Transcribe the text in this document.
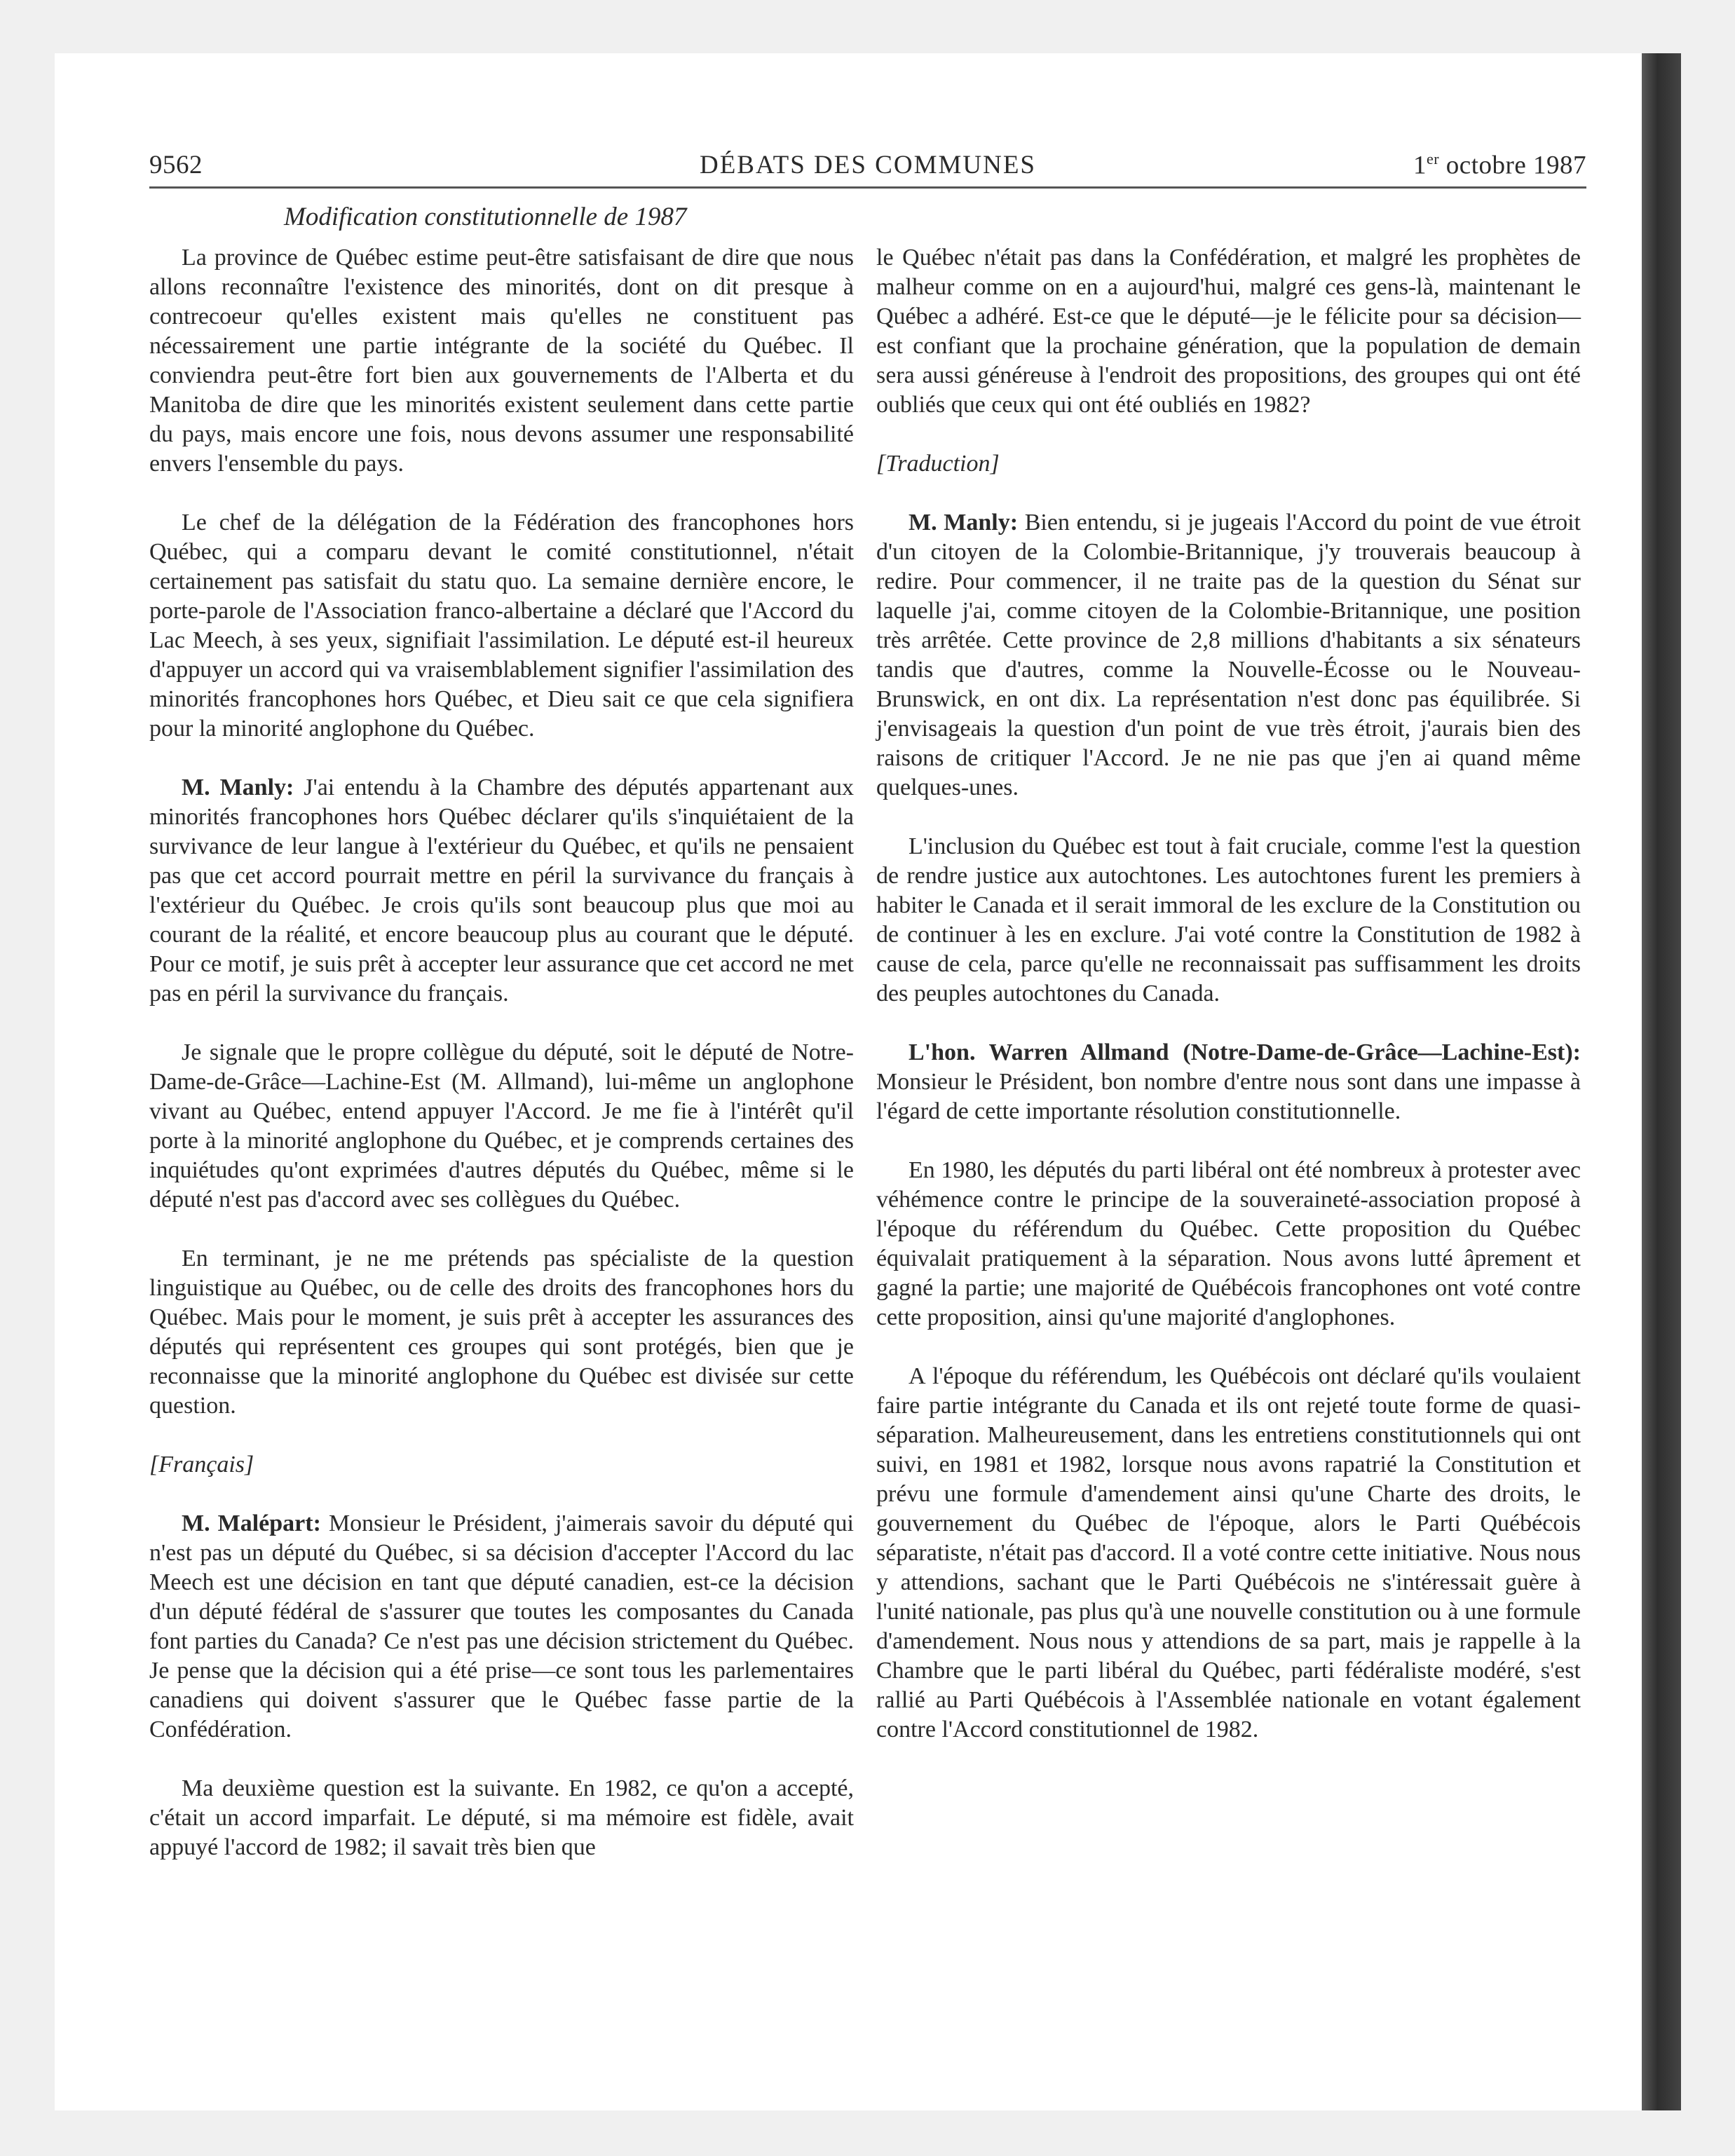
9562	DÉBATS DES COMMUNES	1er octobre 1987
Modification constitutionnelle de 1987

La province de Québec estime peut-être satisfaisant de dire que nous allons reconnaître l'existence des minorités, dont on dit presque à contrecoeur qu'elles existent mais qu'elles ne constituent pas nécessairement une partie intégrante de la société du Québec. Il conviendra peut-être fort bien aux gouvernements de l'Alberta et du Manitoba de dire que les minorités existent seulement dans cette partie du pays, mais encore une fois, nous devons assumer une responsabilité envers l'ensemble du pays.

Le chef de la délégation de la Fédération des francophones hors Québec, qui a comparu devant le comité constitutionnel, n'était certainement pas satisfait du statu quo. La semaine dernière encore, le porte-parole de l'Association franco-albertaine a déclaré que l'Accord du Lac Meech, à ses yeux, signifiait l'assimilation. Le député est-il heureux d'appuyer un accord qui va vraisemblablement signifier l'assimilation des minorités francophones hors Québec, et Dieu sait ce que cela signifiera pour la minorité anglophone du Québec.

M. Manly: J'ai entendu à la Chambre des députés appartenant aux minorités francophones hors Québec déclarer qu'ils s'inquiétaient de la survivance de leur langue à l'extérieur du Québec, et qu'ils ne pensaient pas que cet accord pourrait mettre en péril la survivance du français à l'extérieur du Québec. Je crois qu'ils sont beaucoup plus que moi au courant de la réalité, et encore beaucoup plus au courant que le député. Pour ce motif, je suis prêt à accepter leur assurance que cet accord ne met pas en péril la survivance du français.

Je signale que le propre collègue du député, soit le député de Notre-Dame-de-Grâce—Lachine-Est (M. Allmand), lui-même un anglophone vivant au Québec, entend appuyer l'Accord. Je me fie à l'intérêt qu'il porte à la minorité anglophone du Québec, et je comprends certaines des inquiétudes qu'ont exprimées d'autres députés du Québec, même si le député n'est pas d'accord avec ses collègues du Québec.

En terminant, je ne me prétends pas spécialiste de la question linguistique au Québec, ou de celle des droits des francophones hors du Québec. Mais pour le moment, je suis prêt à accepter les assurances des députés qui représentent ces groupes qui sont protégés, bien que je reconnaisse que la minorité anglophone du Québec est divisée sur cette question.

[Français]

M. Malépart: Monsieur le Président, j'aimerais savoir du député qui n'est pas un député du Québec, si sa décision d'accepter l'Accord du lac Meech est une décision en tant que député canadien, est-ce la décision d'un député fédéral de s'assurer que toutes les composantes du Canada font parties du Canada? Ce n'est pas une décision strictement du Québec. Je pense que la décision qui a été prise—ce sont tous les parlementaires canadiens qui doivent s'assurer que le Québec fasse partie de la Confédération.

Ma deuxième question est la suivante. En 1982, ce qu'on a accepté, c'était un accord imparfait. Le député, si ma mémoire est fidèle, avait appuyé l'accord de 1982; il savait très bien que

le Québec n'était pas dans la Confédération, et malgré les prophètes de malheur comme on en a aujourd'hui, malgré ces gens-là, maintenant le Québec a adhéré. Est-ce que le député—je le félicite pour sa décision—est confiant que la prochaine génération, que la population de demain sera aussi généreuse à l'endroit des propositions, des groupes qui ont été oubliés que ceux qui ont été oubliés en 1982?

[Traduction]

M. Manly: Bien entendu, si je jugeais l'Accord du point de vue étroit d'un citoyen de la Colombie-Britannique, j'y trouverais beaucoup à redire. Pour commencer, il ne traite pas de la question du Sénat sur laquelle j'ai, comme citoyen de la Colombie-Britannique, une position très arrêtée. Cette province de 2,8 millions d'habitants a six sénateurs tandis que d'autres, comme la Nouvelle-Écosse ou le Nouveau-Brunswick, en ont dix. La représentation n'est donc pas équilibrée. Si j'envisageais la question d'un point de vue très étroit, j'aurais bien des raisons de critiquer l'Accord. Je ne nie pas que j'en ai quand même quelques-unes.

L'inclusion du Québec est tout à fait cruciale, comme l'est la question de rendre justice aux autochtones. Les autochtones furent les premiers à habiter le Canada et il serait immoral de les exclure de la Constitution ou de continuer à les en exclure. J'ai voté contre la Constitution de 1982 à cause de cela, parce qu'elle ne reconnaissait pas suffisamment les droits des peuples autochtones du Canada.

L'hon. Warren Allmand (Notre-Dame-de-Grâce—Lachine-Est): Monsieur le Président, bon nombre d'entre nous sont dans une impasse à l'égard de cette importante résolution constitutionnelle.

En 1980, les députés du parti libéral ont été nombreux à protester avec véhémence contre le principe de la souveraineté-association proposé à l'époque du référendum du Québec. Cette proposition du Québec équivalait pratiquement à la séparation. Nous avons lutté âprement et gagné la partie; une majorité de Québécois francophones ont voté contre cette proposition, ainsi qu'une majorité d'anglophones.

A l'époque du référendum, les Québécois ont déclaré qu'ils voulaient faire partie intégrante du Canada et ils ont rejeté toute forme de quasi-séparation. Malheureusement, dans les entretiens constitutionnels qui ont suivi, en 1981 et 1982, lorsque nous avons rapatrié la Constitution et prévu une formule d'amendement ainsi qu'une Charte des droits, le gouvernement du Québec de l'époque, alors le Parti Québécois séparatiste, n'était pas d'accord. Il a voté contre cette initiative. Nous nous y attendions, sachant que le Parti Québécois ne s'intéressait guère à l'unité nationale, pas plus qu'à une nouvelle constitution ou à une formule d'amendement. Nous nous y attendions de sa part, mais je rappelle à la Chambre que le parti libéral du Québec, parti fédéraliste modéré, s'est rallié au Parti Québécois à l'Assemblée nationale en votant également contre l'Accord constitutionnel de 1982.
